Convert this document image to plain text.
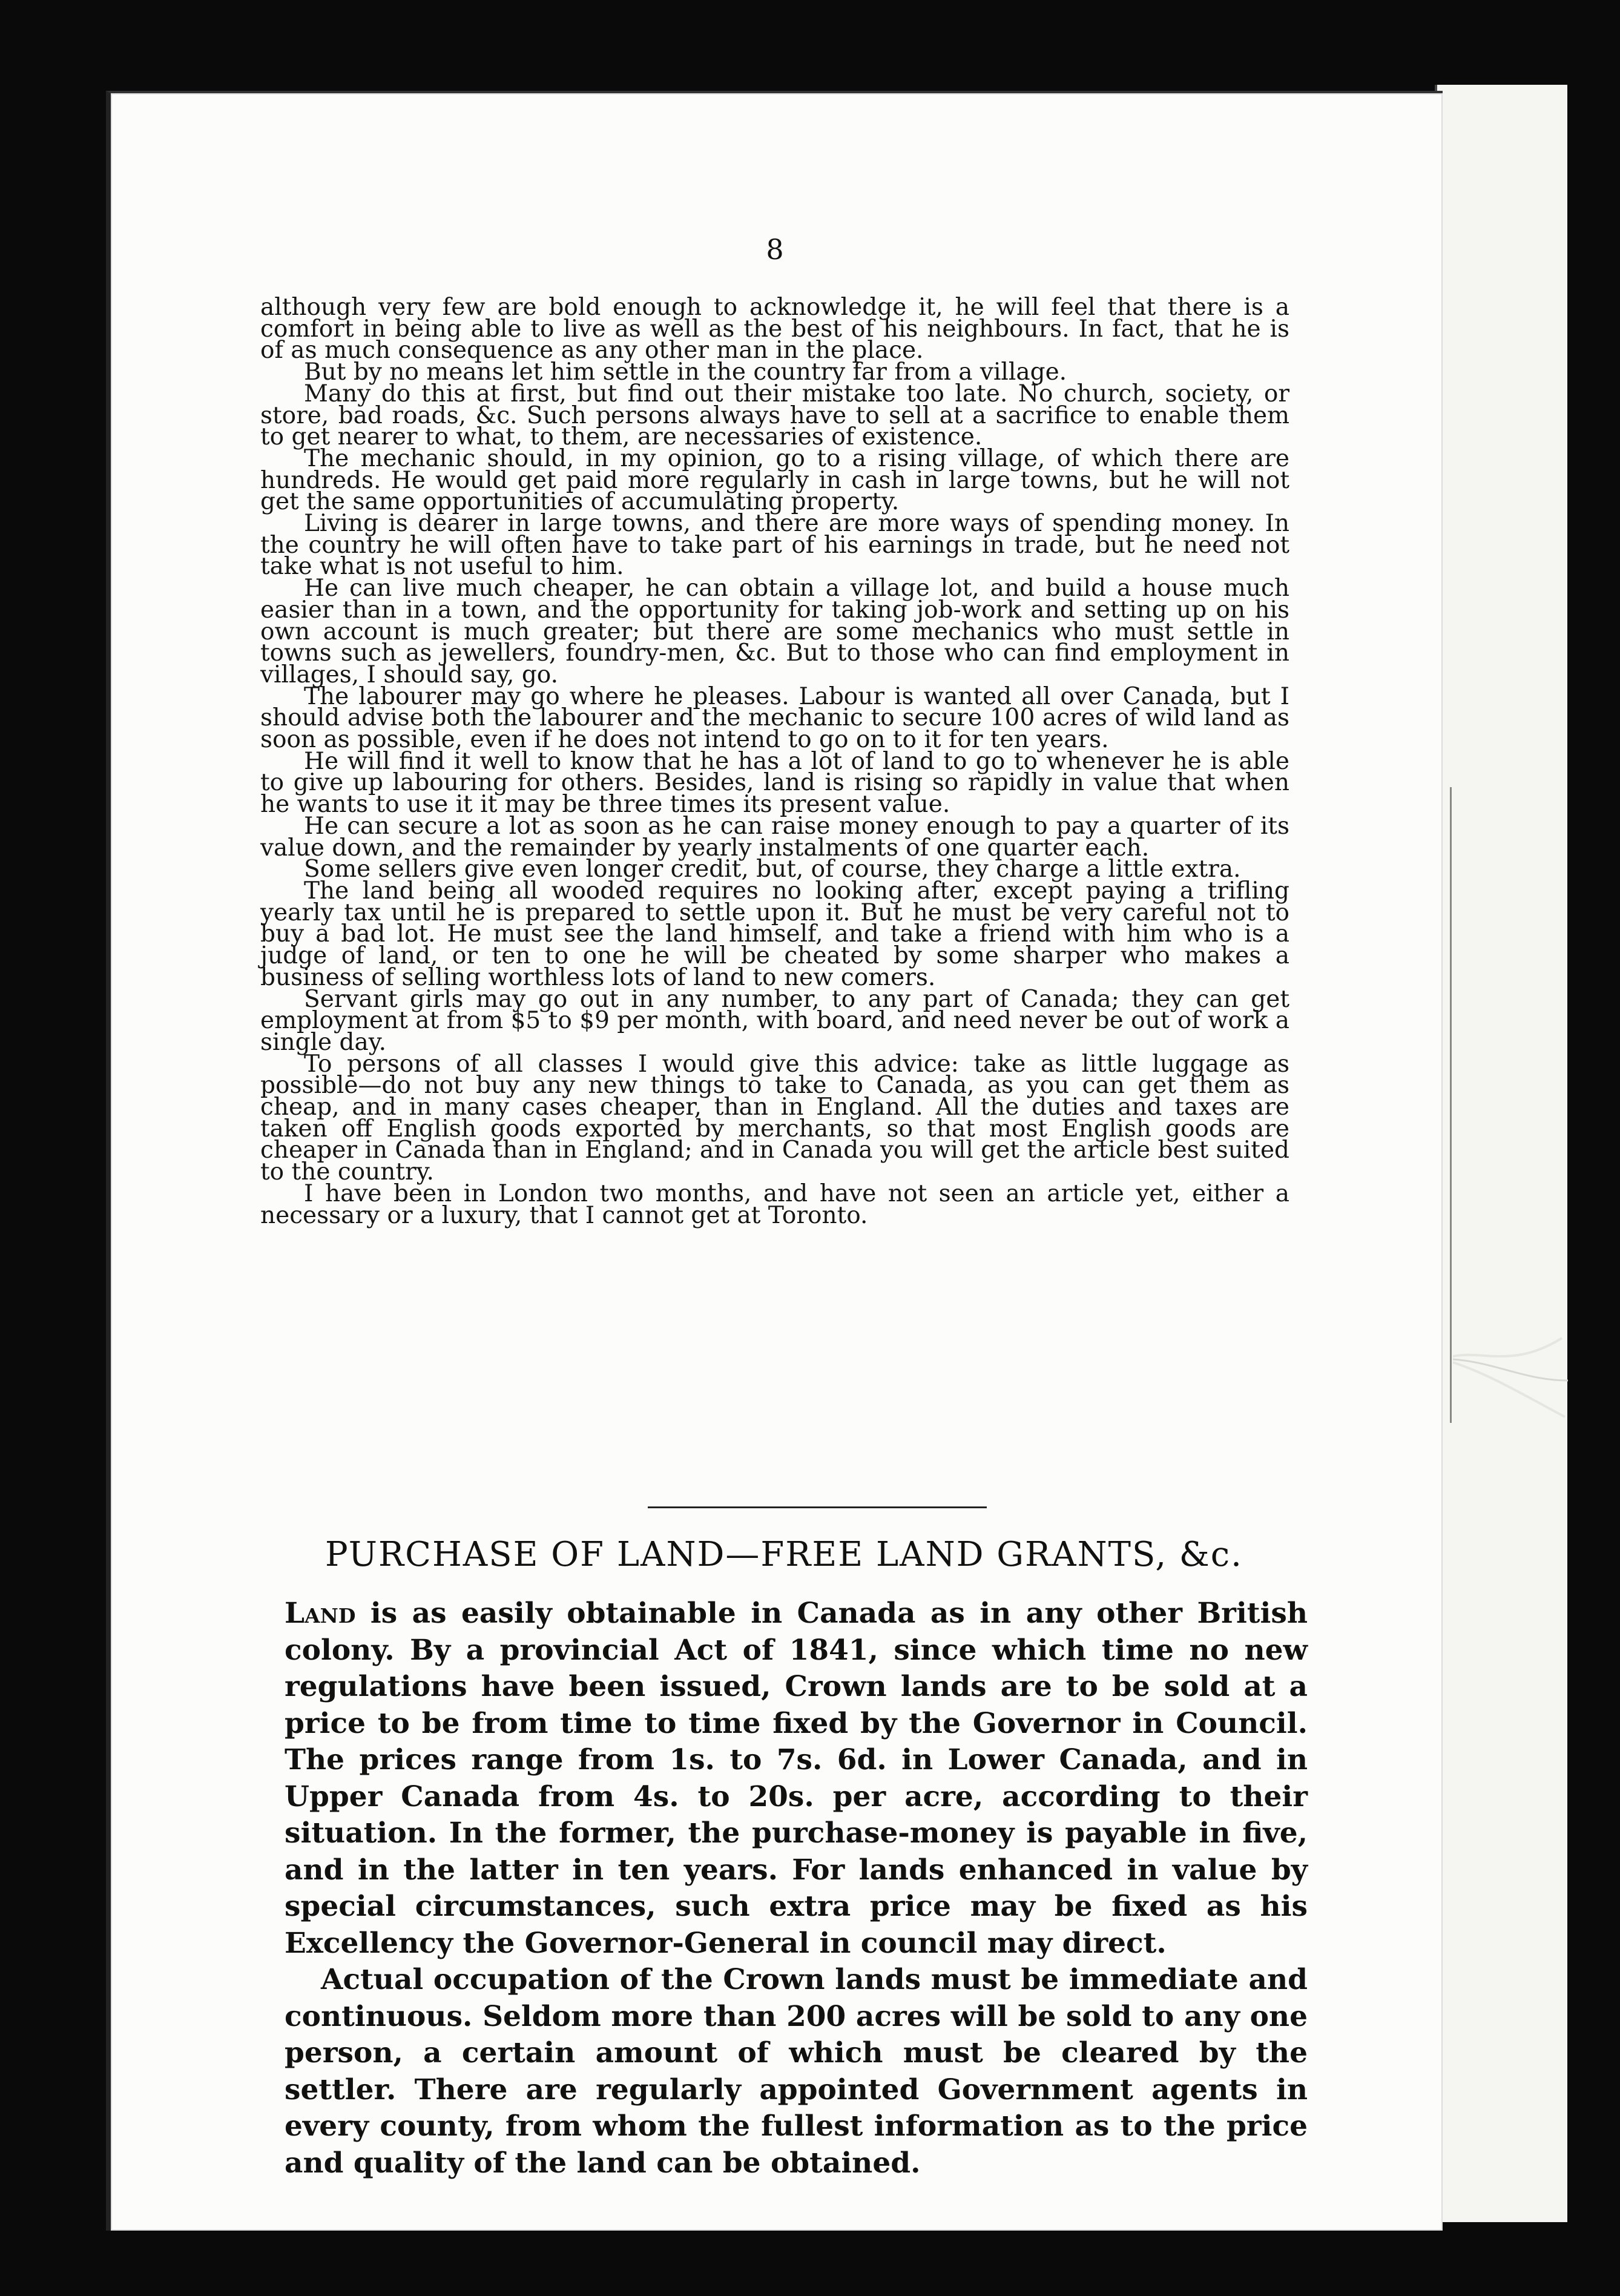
8

although very few are bold enough to acknowledge it, he will feel that there is a comfort in being able to live as well as the best of his neighbours. In fact, that he is of as much consequence as any other man in the place.

But by no means let him settle in the country far from a village.

Many do this at first, but find out their mistake too late. No church, society, or store, bad roads, &c. Such persons always have to sell at a sacrifice to enable them to get nearer to what, to them, are necessaries of existence.

The mechanic should, in my opinion, go to a rising village, of which there are hundreds. He would get paid more regularly in cash in large towns, but he will not get the same opportunities of accumulating property.

Living is dearer in large towns, and there are more ways of spending money. In the country he will often have to take part of his earnings in trade, but he need not take what is not useful to him.

He can live much cheaper, he can obtain a village lot, and build a house much easier than in a town, and the opportunity for taking job-work and setting up on his own account is much greater; but there are some mechanics who must settle in towns such as jewellers, foundry-men, &c. But to those who can find employment in villages, I should say, go.

The labourer may go where he pleases. Labour is wanted all over Canada, but I should advise both the labourer and the mechanic to secure 100 acres of wild land as soon as possible, even if he does not intend to go on to it for ten years.

He will find it well to know that he has a lot of land to go to whenever he is able to give up labouring for others. Besides, land is rising so rapidly in value that when he wants to use it it may be three times its present value.

He can secure a lot as soon as he can raise money enough to pay a quarter of its value down, and the remainder by yearly instalments of one quarter each.

Some sellers give even longer credit, but, of course, they charge a little extra.

The land being all wooded requires no looking after, except paying a trifling yearly tax until he is prepared to settle upon it. But he must be very careful not to buy a bad lot. He must see the land himself, and take a friend with him who is a judge of land, or ten to one he will be cheated by some sharper who makes a business of selling worthless lots of land to new comers.

Servant girls may go out in any number, to any part of Canada; they can get employment at from $5 to $9 per month, with board, and need never be out of work a single day.

To persons of all classes I would give this advice: take as little luggage as possible—do not buy any new things to take to Canada, as you can get them as cheap, and in many cases cheaper, than in England. All the duties and taxes are taken off English goods exported by merchants, so that most English goods are cheaper in Canada than in England; and in Canada you will get the article best suited to the country.

I have been in London two months, and have not seen an article yet, either a necessary or a luxury, that I cannot get at Toronto.

PURCHASE OF LAND—FREE LAND GRANTS, &c.

Land is as easily obtainable in Canada as in any other British colony. By a provincial Act of 1841, since which time no new regulations have been issued, Crown lands are to be sold at a price to be from time to time fixed by the Governor in Council. The prices range from 1s. to 7s. 6d. in Lower Canada, and in Upper Canada from 4s. to 20s. per acre, according to their situation. In the former, the purchase-money is payable in five, and in the latter in ten years. For lands enhanced in value by special circumstances, such extra price may be fixed as his Excellency the Governor-General in council may direct.

Actual occupation of the Crown lands must be immediate and continuous. Seldom more than 200 acres will be sold to any one person, a certain amount of which must be cleared by the settler. There are regularly appointed Government agents in every county, from whom the fullest information as to the price and quality of the land can be obtained.
